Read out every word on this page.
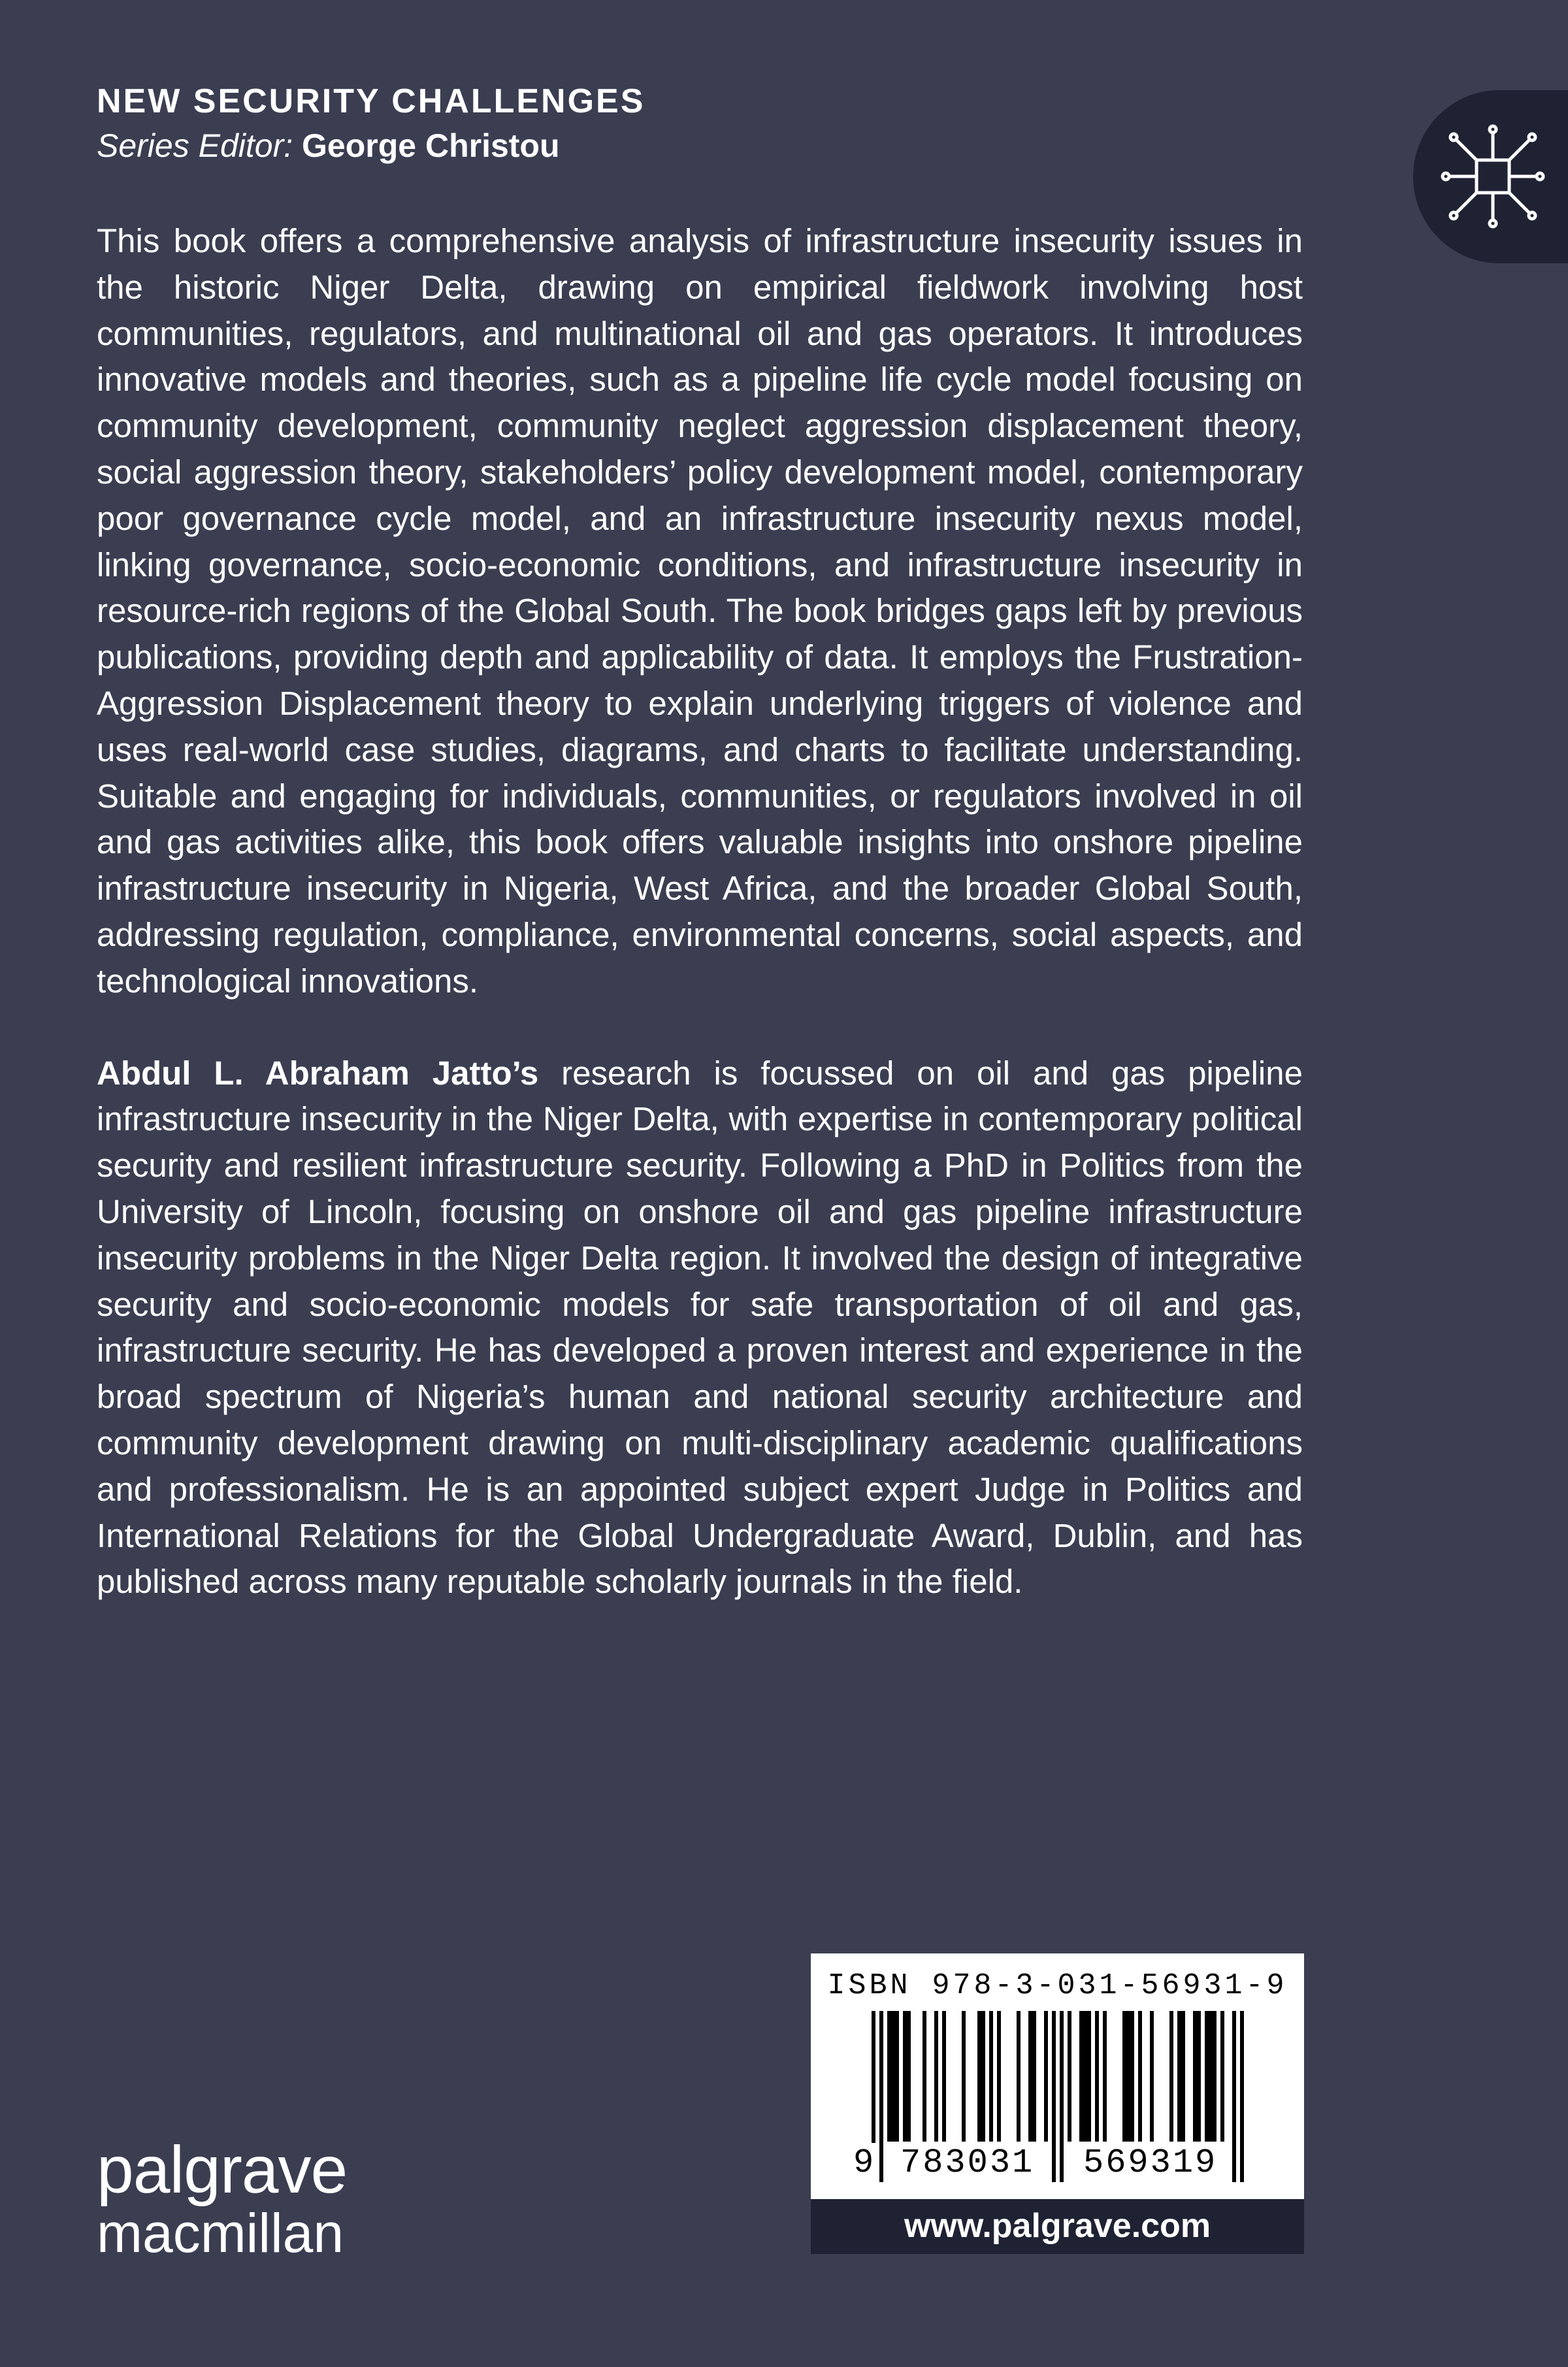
NEW SECURITY CHALLENGES

Series Editor: George Christou

This book offers a comprehensive analysis of infrastructure insecurity issues in the historic Niger Delta, drawing on empirical fieldwork involving host communities, regulators, and multinational oil and gas operators. It introduces innovative models and theories, such as a pipeline life cycle model focusing on community development, community neglect aggression displacement theory, social aggression theory, stakeholders’ policy development model, contemporary poor governance cycle model, and an infrastructure insecurity nexus model, linking governance, socio-economic conditions, and infrastructure insecurity in resource-rich regions of the Global South. The book bridges gaps left by previous publications, providing depth and applicability of data. It employs the Frustration-Aggression Displacement theory to explain underlying triggers of violence and uses real-world case studies, diagrams, and charts to facilitate understanding. Suitable and engaging for individuals, communities, or regulators involved in oil and gas activities alike, this book offers valuable insights into onshore pipeline infrastructure insecurity in Nigeria, West Africa, and the broader Global South, addressing regulation, compliance, environmental concerns, social aspects, and technological innovations.

Abdul L. Abraham Jatto’s research is focussed on oil and gas pipeline infrastructure insecurity in the Niger Delta, with expertise in contemporary political security and resilient infrastructure security. Following a PhD in Politics from the University of Lincoln, focusing on onshore oil and gas pipeline infrastructure insecurity problems in the Niger Delta region. It involved the design of integrative security and socio-economic models for safe transportation of oil and gas, infrastructure security. He has developed a proven interest and experience in the broad spectrum of Nigeria’s human and national security architecture and community development drawing on multi-disciplinary academic qualifications and professionalism. He is an appointed subject expert Judge in Politics and International Relations for the Global Undergraduate Award, Dublin, and has published across many reputable scholarly journals in the field.

palgrave
macmillan
ISBN 978-3-031-56931-9
9 783031 569319
www.palgrave.com
